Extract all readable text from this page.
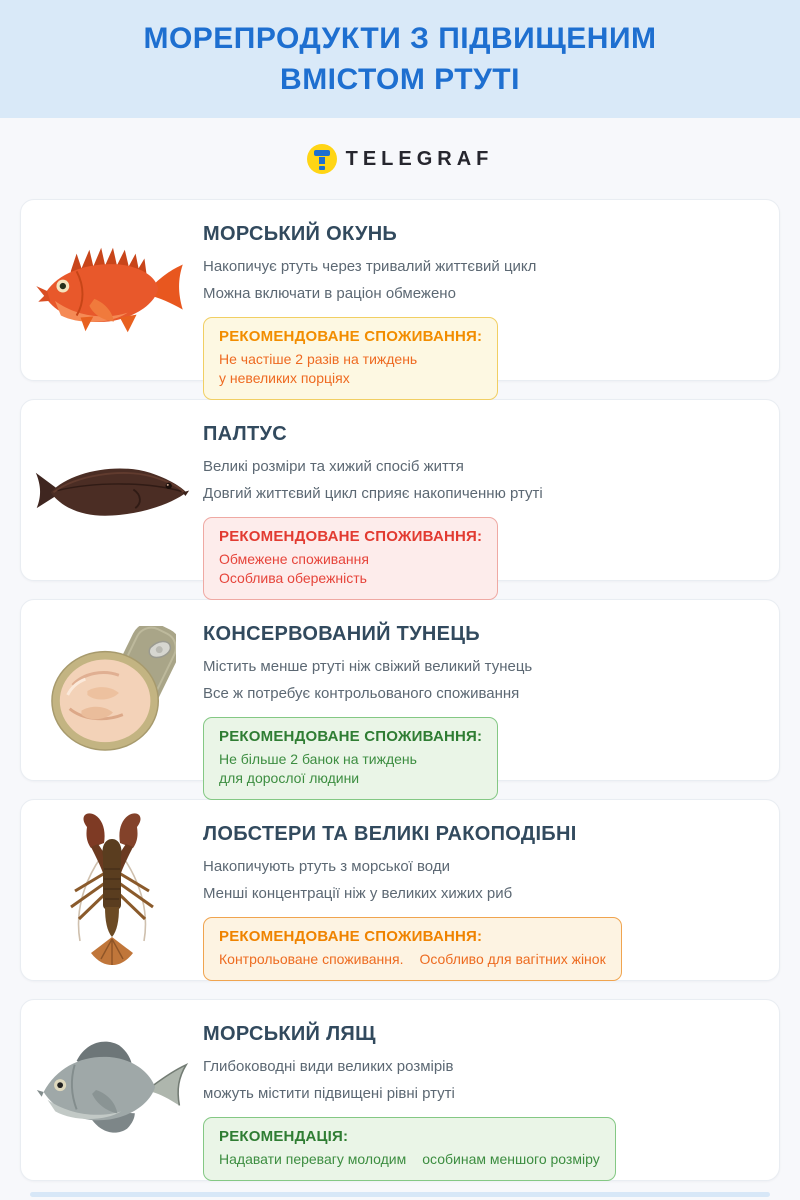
МОРЕПРОДУКТИ З ПІДВИЩЕНИМ
ВМІСТОМ РТУТІ
TELEGRAF
МОРСЬКИЙ ОКУНЬ

Накопичує ртуть через тривалий життєвий цикл

Можна включати в раціон обмежено

РЕКОМЕНДОВАНЕ СПОЖИВАННЯ:
Не частіше 2 разів на тиждень
у невеликих порціях
ПАЛТУС

Великі розміри та хижий спосіб життя

Довгий життєвий цикл сприяє накопиченню ртуті

РЕКОМЕНДОВАНЕ СПОЖИВАННЯ:
Обмежене споживання
Особлива обережність
КОНСЕРВОВАНИЙ ТУНЕЦЬ

Містить менше ртуті ніж свіжий великий тунець

Все ж потребує контрольованого споживання

РЕКОМЕНДОВАНЕ СПОЖИВАННЯ:
Не більше 2 банок на тиждень
для дорослої людини
ЛОБСТЕРИ ТА ВЕЛИКІ РАКОПОДІБНІ

Накопичують ртуть з морської води

Менші концентрації ніж у великих хижих риб

РЕКОМЕНДОВАНЕ СПОЖИВАННЯ:
Контрольоване споживання. Особливо для вагітних жінок
МОРСЬКИЙ ЛЯЩ

Глибоководні види великих розмірів

можуть містити підвищені рівні ртуті

РЕКОМЕНДАЦІЯ:
Надавати перевагу молодим особинам меншого розміру
